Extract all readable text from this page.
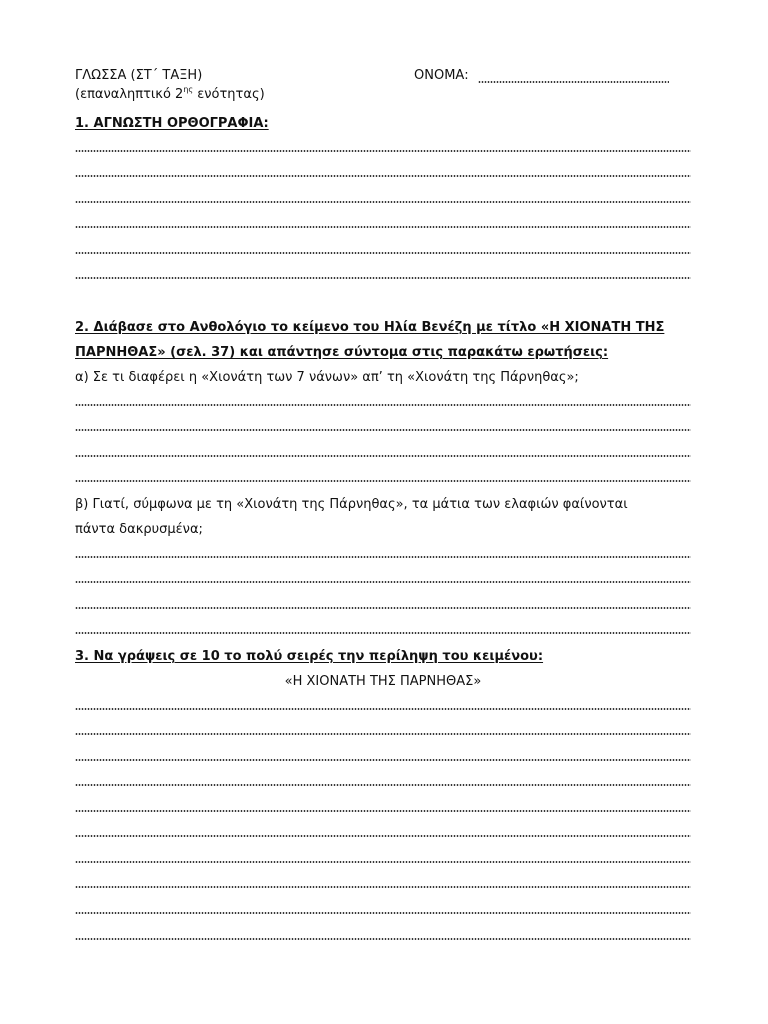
ΓΛΩΣΣΑ (ΣΤ΄ ΤΑΞΗ)	ΟΝΟΜΑ:
(επαναληπτικό $2^{\eta\varsigma}$ ενότητας)
1. ΑΓΝΩΣΤΗ ΟΡΘΟΓΡΑΦΙΑ:
2. Διάβασε στο Ανθολόγιο το κείμενο του Ηλία Βενέζη με τίτλο «Η ΧΙΟΝΑΤΗ ΤΗΣ
ΠΑΡΝΗΘΑΣ» (σελ. 37) και απάντησε σύντομα στις παρακάτω ερωτήσεις:
α) Σε τι διαφέρει η «Χιονάτη των 7 νάνων» απ’ τη «Χιονάτη της Πάρνηθας»;
β) Γιατί, σύμφωνα με τη «Χιονάτη της Πάρνηθας», τα μάτια των ελαφιών φαίνονται
πάντα δακρυσμένα;
3. Να γράψεις σε 10 το πολύ σειρές την περίληψη του κειμένου:
«Η ΧΙΟΝΑΤΗ ΤΗΣ ΠΑΡΝΗΘΑΣ»
